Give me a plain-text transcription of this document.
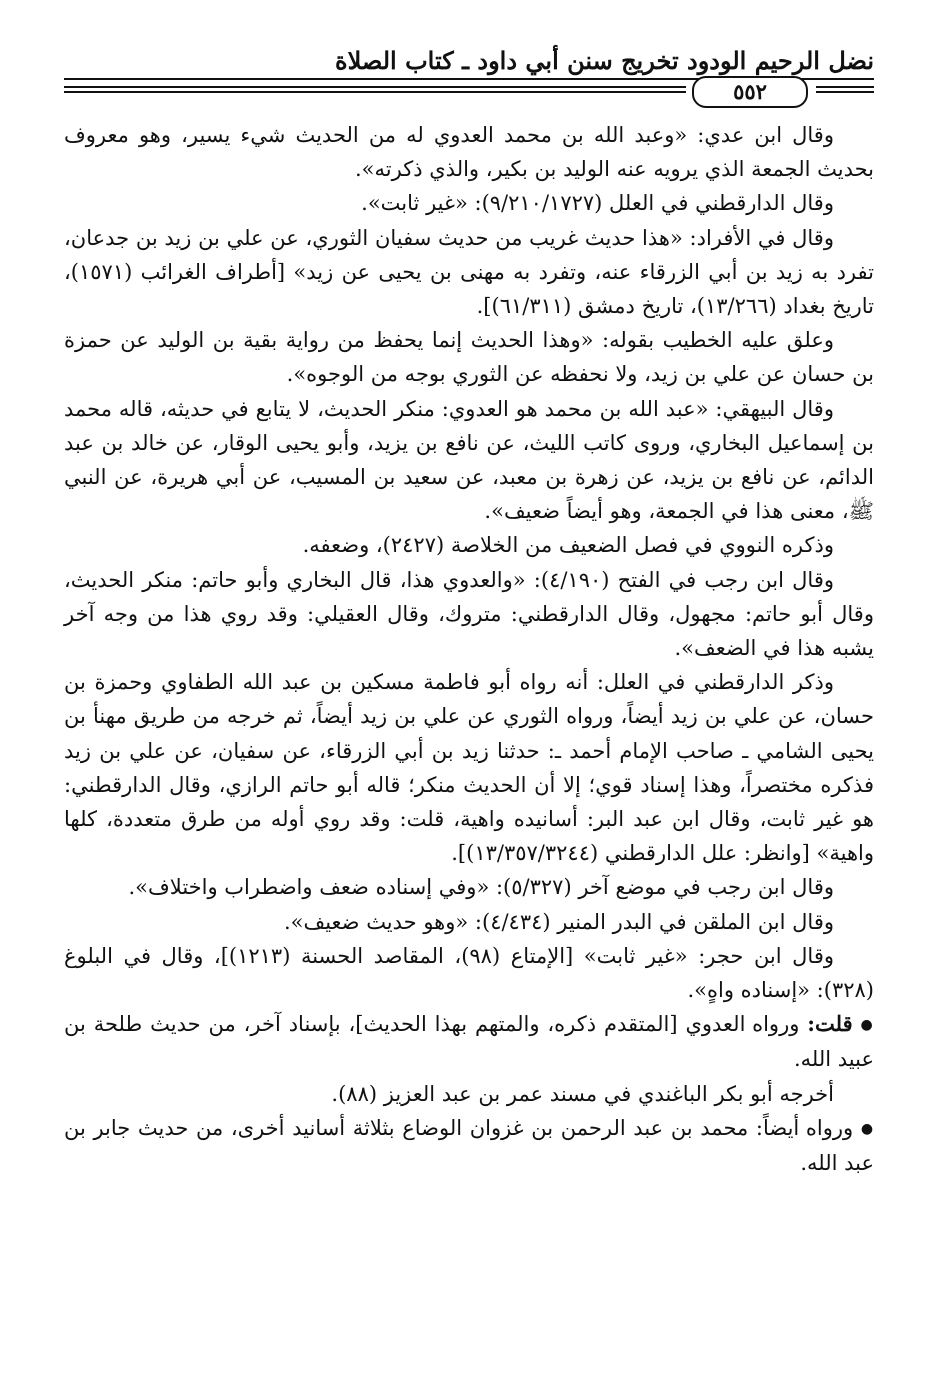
نضل الرحيم الودود تخريج سنن أبي داود ـ كتاب الصلاة
٥٥٢

وقال ابن عدي: «وعبد الله بن محمد العدوي له من الحديث شيء يسير، وهو معروف بحديث الجمعة الذي يرويه عنه الوليد بن بكير، والذي ذكرته».

وقال الدارقطني في العلل (٩/٢١٠/١٧٢٧): «غير ثابت».

وقال في الأفراد: «هذا حديث غريب من حديث سفيان الثوري، عن علي بن زيد بن جدعان، تفرد به زيد بن أبي الزرقاء عنه، وتفرد به مهنى بن يحيى عن زيد» [أطراف الغرائب (١٥٧١)، تاريخ بغداد (١٣/٢٦٦)، تاريخ دمشق (٦١/٣١١)].

وعلق عليه الخطيب بقوله: «وهذا الحديث إنما يحفظ من رواية بقية بن الوليد عن حمزة بن حسان عن علي بن زيد، ولا نحفظه عن الثوري بوجه من الوجوه».

وقال البيهقي: «عبد الله بن محمد هو العدوي: منكر الحديث، لا يتابع في حديثه، قاله محمد بن إسماعيل البخاري، وروى كاتب الليث، عن نافع بن يزيد، وأبو يحيى الوقار، عن خالد بن عبد الدائم، عن نافع بن يزيد، عن زهرة بن معبد، عن سعيد بن المسيب، عن أبي هريرة، عن النبي ﷺ، معنى هذا في الجمعة، وهو أيضاً ضعيف».

وذكره النووي في فصل الضعيف من الخلاصة (٢٤٢٧)، وضعفه.

وقال ابن رجب في الفتح (٤/١٩٠): «والعدوي هذا، قال البخاري وأبو حاتم: منكر الحديث، وقال أبو حاتم: مجهول، وقال الدارقطني: متروك، وقال العقيلي: وقد روي هذا من وجه آخر يشبه هذا في الضعف».

وذكر الدارقطني في العلل: أنه رواه أبو فاطمة مسكين بن عبد الله الطفاوي وحمزة بن حسان، عن علي بن زيد أيضاً، ورواه الثوري عن علي بن زيد أيضاً، ثم خرجه من طريق مهنأ بن يحيى الشامي ـ صاحب الإمام أحمد ـ: حدثنا زيد بن أبي الزرقاء، عن سفيان، عن علي بن زيد فذكره مختصراً، وهذا إسناد قوي؛ إلا أن الحديث منكر؛ قاله أبو حاتم الرازي، وقال الدارقطني: هو غير ثابت، وقال ابن عبد البر: أسانيده واهية، قلت: وقد روي أوله من طرق متعددة، كلها واهية» [وانظر: علل الدارقطني (١٣/٣٥٧/٣٢٤٤)].

وقال ابن رجب في موضع آخر (٥/٣٢٧): «وفي إسناده ضعف واضطراب واختلاف».

وقال ابن الملقن في البدر المنير (٤/٤٣٤): «وهو حديث ضعيف».

وقال ابن حجر: «غير ثابت» [الإمتاع (٩٨)، المقاصد الحسنة (١٢١٣)]، وقال في البلوغ (٣٢٨): «إسناده واهٍ».

● قلت: ورواه العدوي [المتقدم ذكره، والمتهم بهذا الحديث]، بإسناد آخر، من حديث طلحة بن عبيد الله.

أخرجه أبو بكر الباغندي في مسند عمر بن عبد العزيز (٨٨).

● ورواه أيضاً: محمد بن عبد الرحمن بن غزوان الوضاع بثلاثة أسانيد أخرى، من حديث جابر بن عبد الله.
